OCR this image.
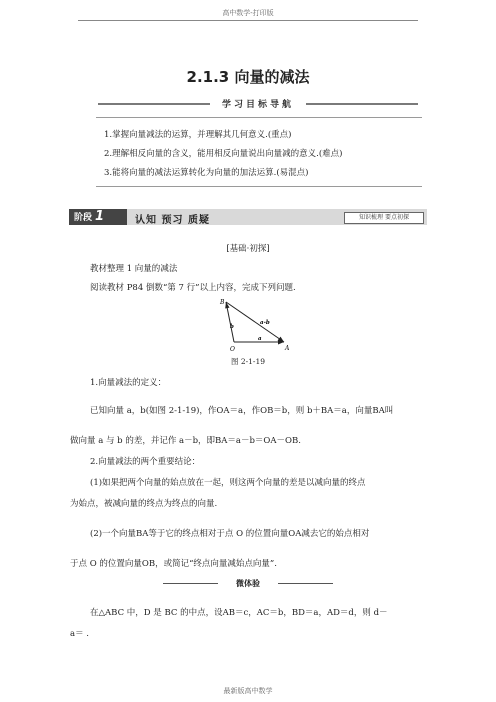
高中数学-打印版
2.1.3 向量的减法
学习目标导航
1.掌握向量减法的运算，并理解其几何意义.(重点)
2.理解相反向量的含义，能用相反向量说出向量减的意义.(难点)
3.能将向量的减法运算转化为向量的加法运算.(易混点)
阶段 1	认知 预习 质疑	知识梳理 要点初探
[基础·初探]
教材整理 1 向量的减法
阅读教材 P84 倒数“第 7 行”以上内容，完成下列问题.
B
O	A
a
b
a-b
图 2-1-19
1.向量减法的定义：
已知向量 a，b(如图 2-1-19)，作OA＝a，作OB＝b，则 b＋BA＝a，向量BA叫
做向量 a 与 b 的差，并记作 a－b，即BA＝a－b＝OA－OB.
2.向量减法的两个重要结论：
(1)如果把两个向量的始点放在一起，则这两个向量的差是以减向量的终点
为始点，被减向量的终点为终点的向量.
(2)一个向量BA等于它的终点相对于点 O 的位置向量OA减去它的始点相对
于点 O 的位置向量OB，或简记“终点向量减始点向量”.
微体验
在△ABC 中，D 是 BC 的中点，设AB＝c，AC＝b，BD＝a，AD＝d，则 d－
a＝ .
最新版高中数学
